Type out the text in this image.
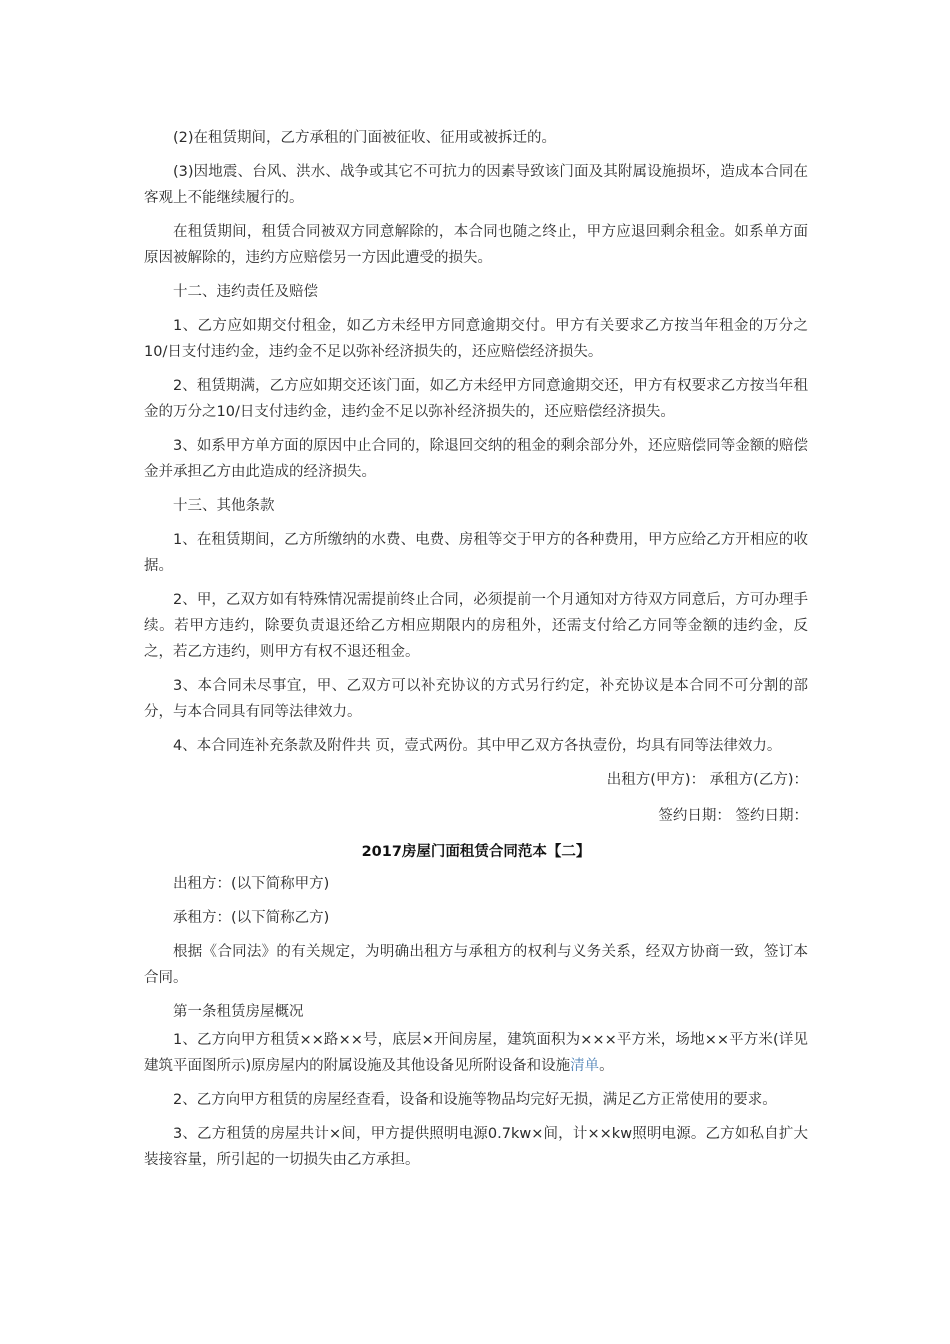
(2)在租赁期间，乙方承租的门面被征收、征用或被拆迁的。

(3)因地震、台风、洪水、战争或其它不可抗力的因素导致该门面及其附属设施损坏，造成本合同在客观上不能继续履行的。

在租赁期间，租赁合同被双方同意解除的，本合同也随之终止，甲方应退回剩余租金。如系单方面原因被解除的，违约方应赔偿另一方因此遭受的损失。

十二、违约责任及赔偿

1、乙方应如期交付租金，如乙方未经甲方同意逾期交付。甲方有关要求乙方按当年租金的万分之10/日支付违约金，违约金不足以弥补经济损失的，还应赔偿经济损失。

2、租赁期满，乙方应如期交还该门面，如乙方未经甲方同意逾期交还，甲方有权要求乙方按当年租金的万分之10/日支付违约金，违约金不足以弥补经济损失的，还应赔偿经济损失。

3、如系甲方单方面的原因中止合同的，除退回交纳的租金的剩余部分外，还应赔偿同等金额的赔偿金并承担乙方由此造成的经济损失。

十三、其他条款

1、在租赁期间，乙方所缴纳的水费、电费、房租等交于甲方的各种费用，甲方应给乙方开相应的收据。

2、甲，乙双方如有特殊情况需提前终止合同，必须提前一个月通知对方待双方同意后，方可办理手续。若甲方违约，除要负责退还给乙方相应期限内的房租外，还需支付给乙方同等金额的违约金，反之，若乙方违约，则甲方有权不退还租金。

3、本合同未尽事宜，甲、乙双方可以补充协议的方式另行约定，补充协议是本合同不可分割的部分，与本合同具有同等法律效力。

4、本合同连补充条款及附件共 页，壹式两份。其中甲乙双方各执壹份，均具有同等法律效力。

出租方(甲方)： 承租方(乙方)：

签约日期： 签约日期：

2017房屋门面租赁合同范本【二】

出租方：(以下简称甲方)

承租方：(以下简称乙方)

根据《合同法》的有关规定，为明确出租方与承租方的权利与义务关系，经双方协商一致，签订本合同。

第一条租赁房屋概况

1、乙方向甲方租赁××路××号，底层×开间房屋，建筑面积为×××平方米，场地××平方米(详见建筑平面图所示)原房屋内的附属设施及其他设备见所附设备和设施清单。

2、乙方向甲方租赁的房屋经查看，设备和设施等物品均完好无损，满足乙方正常使用的要求。

3、乙方租赁的房屋共计×间，甲方提供照明电源0.7kw×间，计××kw照明电源。乙方如私自扩大装接容量，所引起的一切损失由乙方承担。
